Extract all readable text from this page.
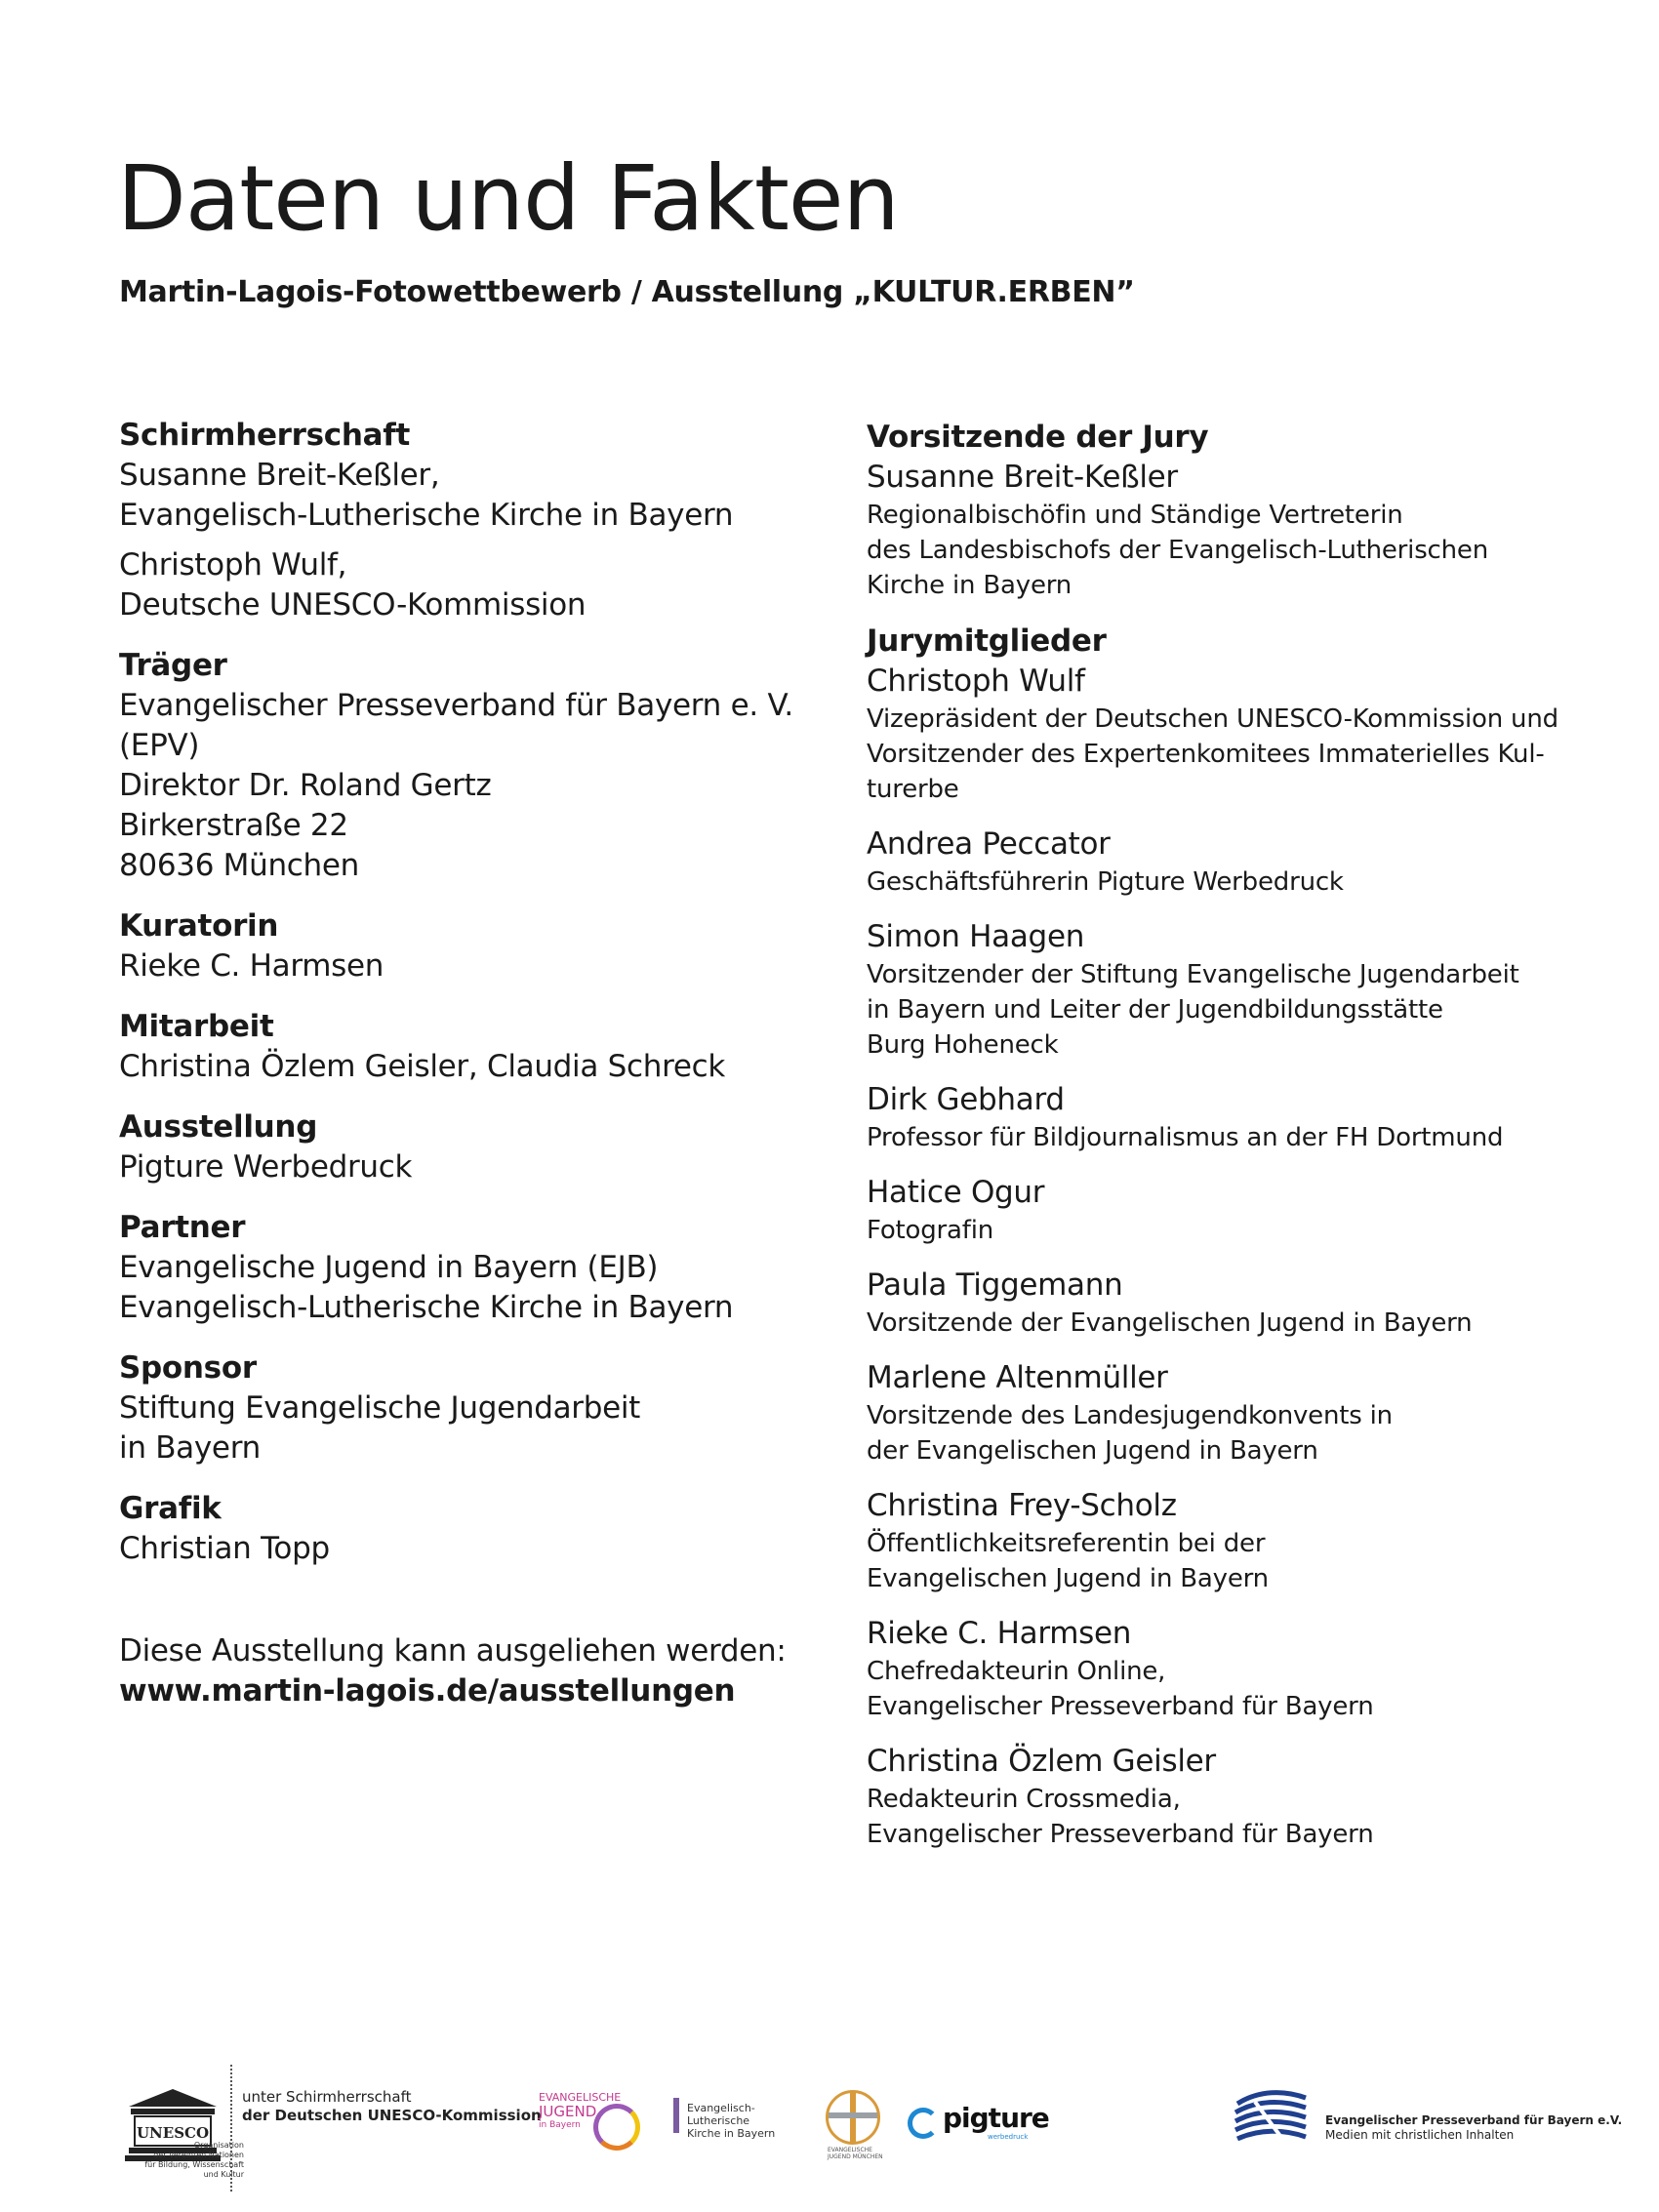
Daten und Fakten
Martin-Lagois-Fotowettbewerb / Ausstellung „KULTUR.ERBEN”
Schirmherrschaft
Susanne Breit-Keßler,
Evangelisch-Lutherische Kirche in Bayern
Christoph Wulf,
Deutsche UNESCO-Kommission
Träger
Evangelischer Presseverband für Bayern e. V. (EPV)
Direktor Dr. Roland Gertz
Birkerstraße 22
80636 München
Kuratorin
Rieke C. Harmsen
Mitarbeit
Christina Özlem Geisler, Claudia Schreck
Ausstellung
Pigture Werbedruck
Partner
Evangelische Jugend in Bayern (EJB)
Evangelisch-Lutherische Kirche in Bayern
Sponsor
Stiftung Evangelische Jugendarbeit
in Bayern
Grafik
Christian Topp
Diese Ausstellung kann ausgeliehen werden:
www.martin-lagois.de/ausstellungen
Vorsitzende der Jury
Susanne Breit-Keßler
Regionalbischöfin und Ständige Vertreterin
des Landesbischofs der Evangelisch-Lutherischen
Kirche in Bayern
Jurymitglieder
Christoph Wulf
Vizepräsident der Deutschen UNESCO-Kommission und
Vorsitzender des Expertenkomitees Immaterielles Kul-
turerbe
Andrea Peccator
Geschäftsführerin Pigture Werbedruck
Simon Haagen
Vorsitzender der Stiftung Evangelische Jugendarbeit
in Bayern und Leiter der Jugendbildungsstätte
Burg Hoheneck
Dirk Gebhard
Professor für Bildjournalismus an der FH Dortmund
Hatice Ogur
Fotografin
Paula Tiggemann
Vorsitzende der Evangelischen Jugend in Bayern
Marlene Altenmüller
Vorsitzende des Landesjugendkonvents in
der Evangelischen Jugend in Bayern
Christina Frey-Scholz
Öffentlichkeitsreferentin bei der
Evangelischen Jugend in Bayern
Rieke C. Harmsen
Chefredakteurin Online,
Evangelischer Presseverband für Bayern
Christina Özlem Geisler
Redakteurin Crossmedia,
Evangelischer Presseverband für Bayern
UNESCO
Organisation
der Vereinten Nationen
für Bildung, Wissenschaft
und Kultur
unter Schirmherrschaft
der Deutschen UNESCO-Kommission
EVANGELISCHE
JUGEND
in Bayern
Evangelisch-Lutherische
Kirche in Bayern
EVANGELISCHE
JUGEND MÜNCHEN
pigture
werbedruck
Evangelischer Presseverband für Bayern e.V.
Medien mit christlichen Inhalten
